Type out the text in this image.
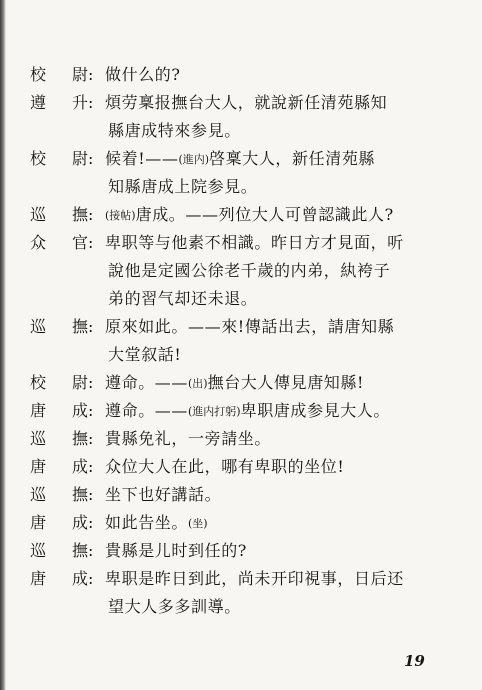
校 尉 : 做什么的?
遵 升 : 煩劳稟报撫台大人，就說新任清苑縣知
縣唐成特來参見。
校 尉 : 候着!——(進内)啓稟大人，新任清苑縣
知縣唐成上院参見。
巡 撫 : (接帖)唐成。——列位大人可曾認識此人?
众 官 : 卑职等与他素不相識。昨日方才見面，听
說他是定國公徐老千歲的内弟，紈袴子
弟的習气却还未退。
巡 撫 : 原來如此。——來!傳話出去，請唐知縣
大堂叙話!
校 尉 : 遵命。——(出)撫台大人傳見唐知縣!
唐 成 : 遵命。——(進内打躬)卑职唐成参見大人。
巡 撫 : 貴縣免礼，一旁請坐。
唐 成 : 众位大人在此，哪有卑职的坐位!
巡 撫 : 坐下也好講話。
唐 成 : 如此告坐。(坐)
巡 撫 : 貴縣是儿时到任的?
唐 成 : 卑职是昨日到此，尚未开印視事，日后还
望大人多多訓導。
19
